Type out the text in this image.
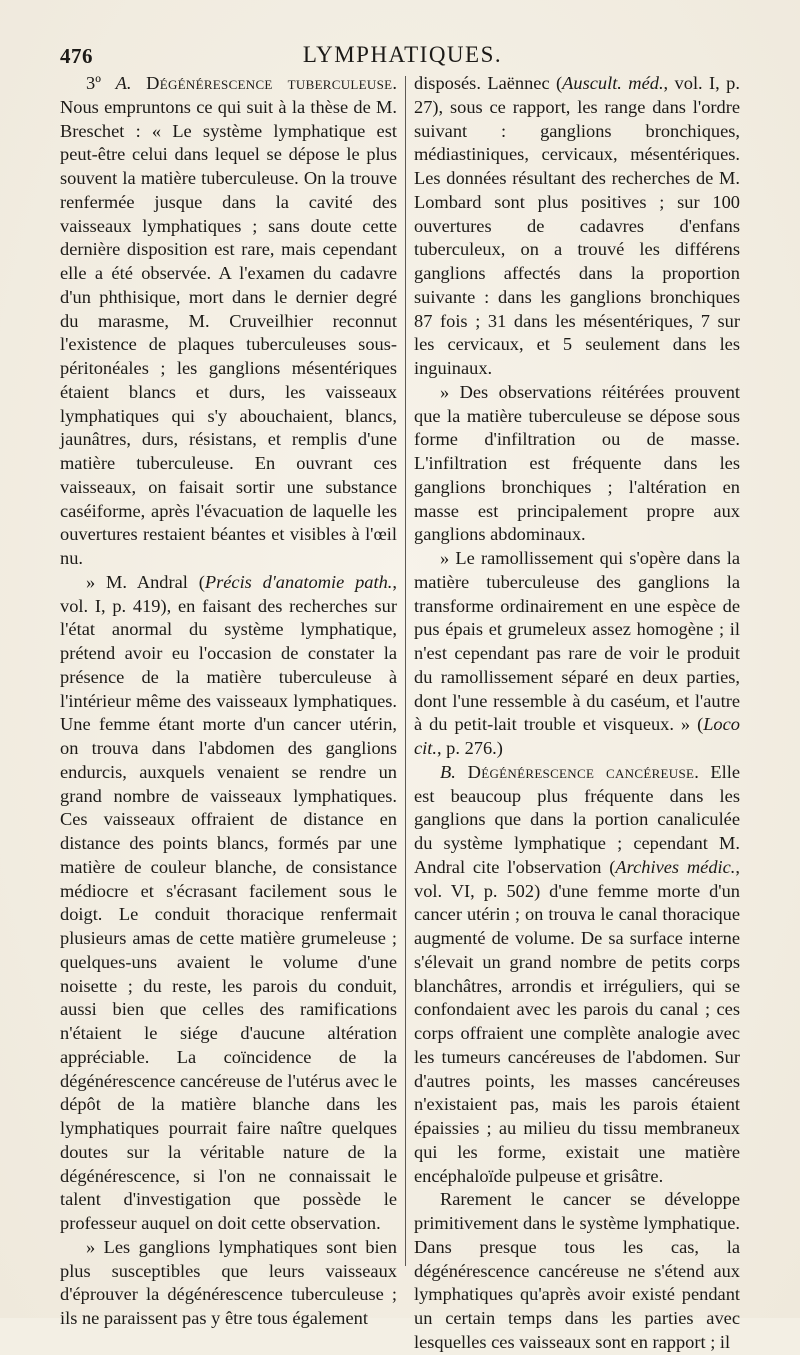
476	LYMPHATIQUES.

3º A. Dégénérescence tuberculeuse. Nous empruntons ce qui suit à la thèse de M. Breschet : « Le système lymphatique est peut-être celui dans lequel se dépose le plus souvent la matière tuberculeuse. On la trouve renfermée jusque dans la cavité des vaisseaux lymphatiques ; sans doute cette dernière disposition est rare, mais cependant elle a été observée. A l'examen du cadavre d'un phthisique, mort dans le dernier degré du marasme, M. Cruveilhier reconnut l'existence de plaques tuberculeuses sous-péritonéales ; les ganglions mésentériques étaient blancs et durs, les vaisseaux lymphatiques qui s'y abouchaient, blancs, jaunâtres, durs, résistans, et remplis d'une matière tuberculeuse. En ouvrant ces vaisseaux, on faisait sortir une substance caséiforme, après l'évacuation de laquelle les ouvertures restaient béantes et visibles à l'œil nu.

» M. Andral (Précis d'anatomie path., vol. I, p. 419), en faisant des recherches sur l'état anormal du système lymphatique, prétend avoir eu l'occasion de constater la présence de la matière tuberculeuse à l'intérieur même des vaisseaux lymphatiques. Une femme étant morte d'un cancer utérin, on trouva dans l'abdomen des ganglions endurcis, auxquels venaient se rendre un grand nombre de vaisseaux lymphatiques. Ces vaisseaux offraient de distance en distance des points blancs, formés par une matière de couleur blanche, de consistance médiocre et s'écrasant facilement sous le doigt. Le conduit thoracique renfermait plusieurs amas de cette matière grumeleuse ; quelques-uns avaient le volume d'une noisette ; du reste, les parois du conduit, aussi bien que celles des ramifications n'étaient le siége d'aucune altération appréciable. La coïncidence de la dégénérescence cancéreuse de l'utérus avec le dépôt de la matière blanche dans les lymphatiques pourrait faire naître quelques doutes sur la véritable nature de la dégénérescence, si l'on ne connaissait le talent d'investigation que possède le professeur auquel on doit cette observation.

» Les ganglions lymphatiques sont bien plus susceptibles que leurs vaisseaux d'éprouver la dégénérescence tuberculeuse ; ils ne paraissent pas y être tous également

disposés. Laënnec (Auscult. méd., vol. I, p. 27), sous ce rapport, les range dans l'ordre suivant : ganglions bronchiques, médiastiniques, cervicaux, mésentériques. Les données résultant des recherches de M. Lombard sont plus positives ; sur 100 ouvertures de cadavres d'enfans tuberculeux, on a trouvé les différens ganglions affectés dans la proportion suivante : dans les ganglions bronchiques 87 fois ; 31 dans les mésentériques, 7 sur les cervicaux, et 5 seulement dans les inguinaux.

» Des observations réitérées prouvent que la matière tuberculeuse se dépose sous forme d'infiltration ou de masse. L'infiltration est fréquente dans les ganglions bronchiques ; l'altération en masse est principalement propre aux ganglions abdominaux.

» Le ramollissement qui s'opère dans la matière tuberculeuse des ganglions la transforme ordinairement en une espèce de pus épais et grumeleux assez homogène ; il n'est cependant pas rare de voir le produit du ramollissement séparé en deux parties, dont l'une ressemble à du caséum, et l'autre à du petit-lait trouble et visqueux. » (Loco cit., p. 276.)

B. Dégénérescence cancéreuse. Elle est beaucoup plus fréquente dans les ganglions que dans la portion canaliculée du système lymphatique ; cependant M. Andral cite l'observation (Archives médic., vol. VI, p. 502) d'une femme morte d'un cancer utérin ; on trouva le canal thoracique augmenté de volume. De sa surface interne s'élevait un grand nombre de petits corps blanchâtres, arrondis et irréguliers, qui se confondaient avec les parois du canal ; ces corps offraient une complète analogie avec les tumeurs cancéreuses de l'abdomen. Sur d'autres points, les masses cancéreuses n'existaient pas, mais les parois étaient épaissies ; au milieu du tissu membraneux qui les forme, existait une matière encéphaloïde pulpeuse et grisâtre.

Rarement le cancer se développe primitivement dans le système lymphatique. Dans presque tous les cas, la dégénérescence cancéreuse ne s'étend aux lymphatiques qu'après avoir existé pendant un certain temps dans les parties avec lesquelles ces vaisseaux sont en rapport ; il
